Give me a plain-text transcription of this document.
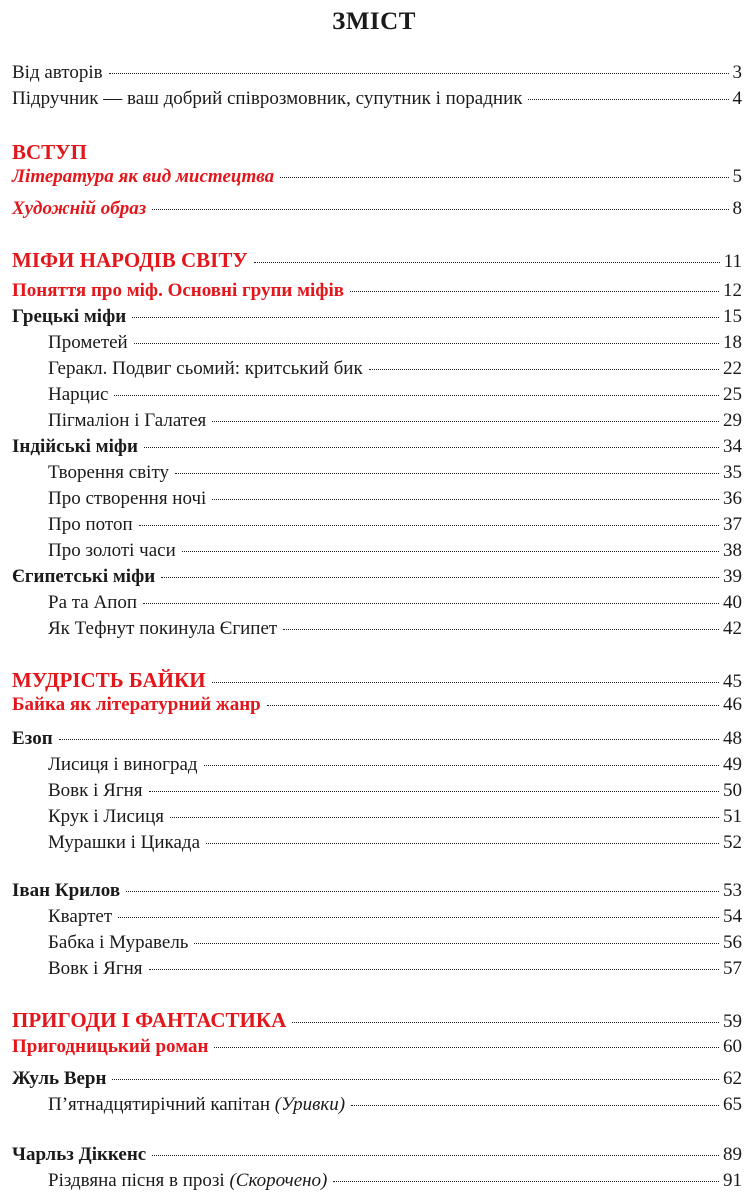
ЗМІСТ
Від авторів	3
Підручник — ваш добрий співрозмовник, супутник і порадник	4
ВСТУП
Література як вид мистецтва	5
Художній образ	8
МІФИ НАРОДІВ СВІТУ	11
Поняття про міф. Основні групи міфів	12
Грецькі міфи	15
Прометей	18
Геракл. Подвиг сьомий: критський бик	22
Нарцис	25
Пігмаліон і Галатея	29
Індійські міфи	34
Творення світу	35
Про створення ночі	36
Про потоп	37
Про золоті часи	38
Єгипетські міфи	39
Ра та Апоп	40
Як Тефнут покинула Єгипет	42
МУДРІСТЬ БАЙКИ	45
Байка як літературний жанр	46
Езоп	48
Лисиця і виноград	49
Вовк і Ягня	50
Крук і Лисиця	51
Мурашки і Цикада	52
Іван Крилов	53
Квартет	54
Бабка і Муравель	56
Вовк і Ягня	57
ПРИГОДИ І ФАНТАСТИКА	59
Пригодницький роман	60
Жуль Верн	62
П’ятнадцятирічний капітан (Уривки)	65
Чарльз Діккенс	89
Різдвяна пісня в прозі (Скорочено)	91
